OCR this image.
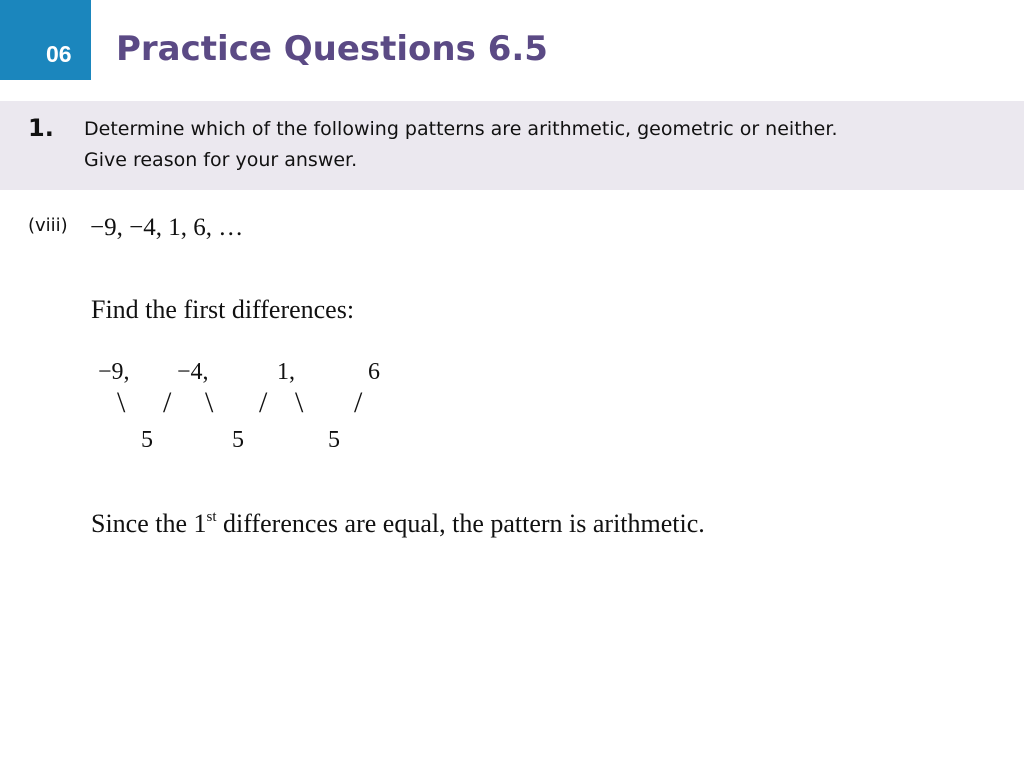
06	Practice Questions 6.5
1. Determine which of the following patterns are arithmetic, geometric or neither.
Give reason for your answer.
(viii) −9, −4, 1, 6, …
Find the first differences:
−9, −4,	1,	6
\ / \ / \ /
5	5	5
Since the 1st differences are equal, the pattern is arithmetic.
